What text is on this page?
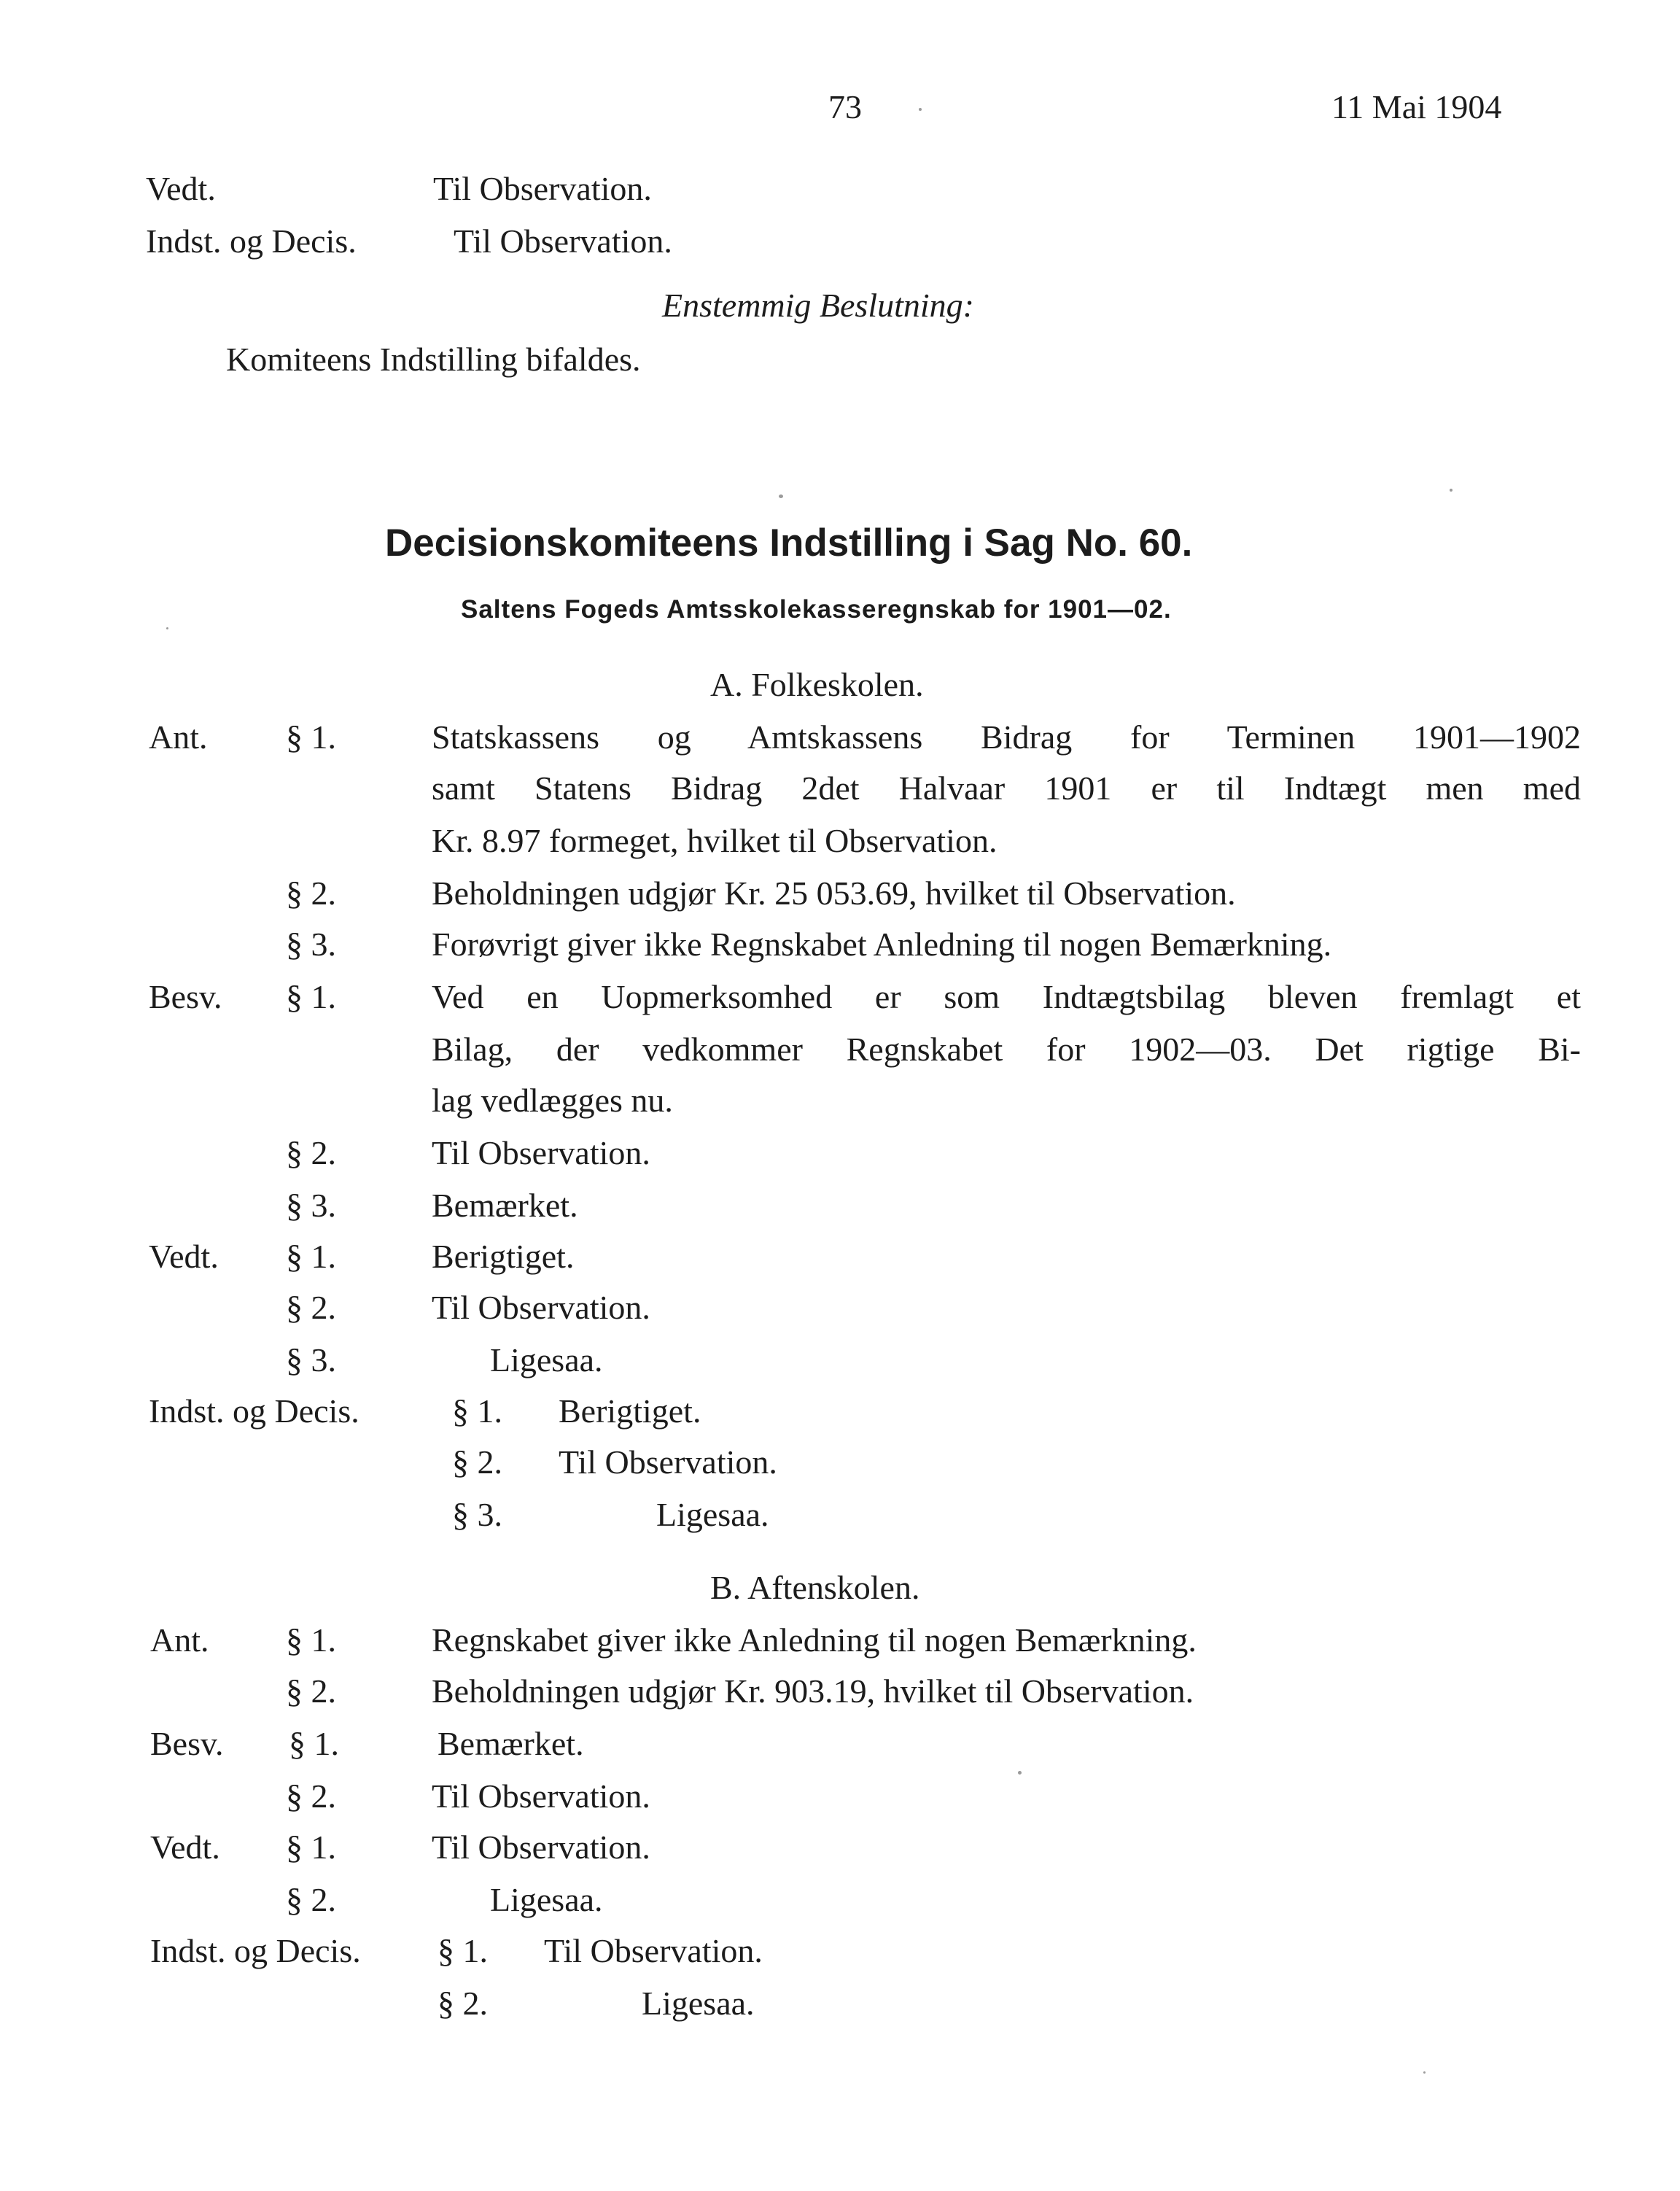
73	11 Mai 1904
Vedt.	Til Observation.
Indst. og Decis.	Til Observation.
Enstemmig Beslutning:
Komiteens Indstilling bifaldes.
Decisionskomiteens Indstilling i Sag No. 60.
Saltens Fogeds Amtsskolekasseregnskab for 1901—02.
A. Folkeskolen.
Ant. § 1.	Statskassens og Amtskassens Bidrag for Terminen 1901—1902
samt Statens Bidrag 2det Halvaar 1901 er til Indtægt men med
Kr. 8.97 formeget, hvilket til Observation.
§ 2.	Beholdningen udgjør Kr. 25 053.69, hvilket til Observation.
§ 3.	Forøvrigt giver ikke Regnskabet Anledning til nogen Bemærkning.
Besv. § 1.	Ved en Uopmerksomhed er som Indtægtsbilag bleven fremlagt et
Bilag, der vedkommer Regnskabet for 1902—03. Det rigtige Bi-
lag vedlægges nu.
§ 2.	Til Observation.
§ 3.	Bemærket.
Vedt. § 1.	Berigtiget.
§ 2.	Til Observation.
§ 3.	Ligesaa.
Indst. og Decis.	§ 1. Berigtiget.
§ 2. Til Observation.
§ 3.	Ligesaa.
B. Aftenskolen.
Ant. § 1.	Regnskabet giver ikke Anledning til nogen Bemærkning.
§ 2.	Beholdningen udgjør Kr. 903.19, hvilket til Observation.
Besv. § 1.	Bemærket.
§ 2.	Til Observation.
Vedt. § 1.	Til Observation.
§ 2.	Ligesaa.
Indst. og Decis. § 1. Til Observation.
§ 2.	Ligesaa.
